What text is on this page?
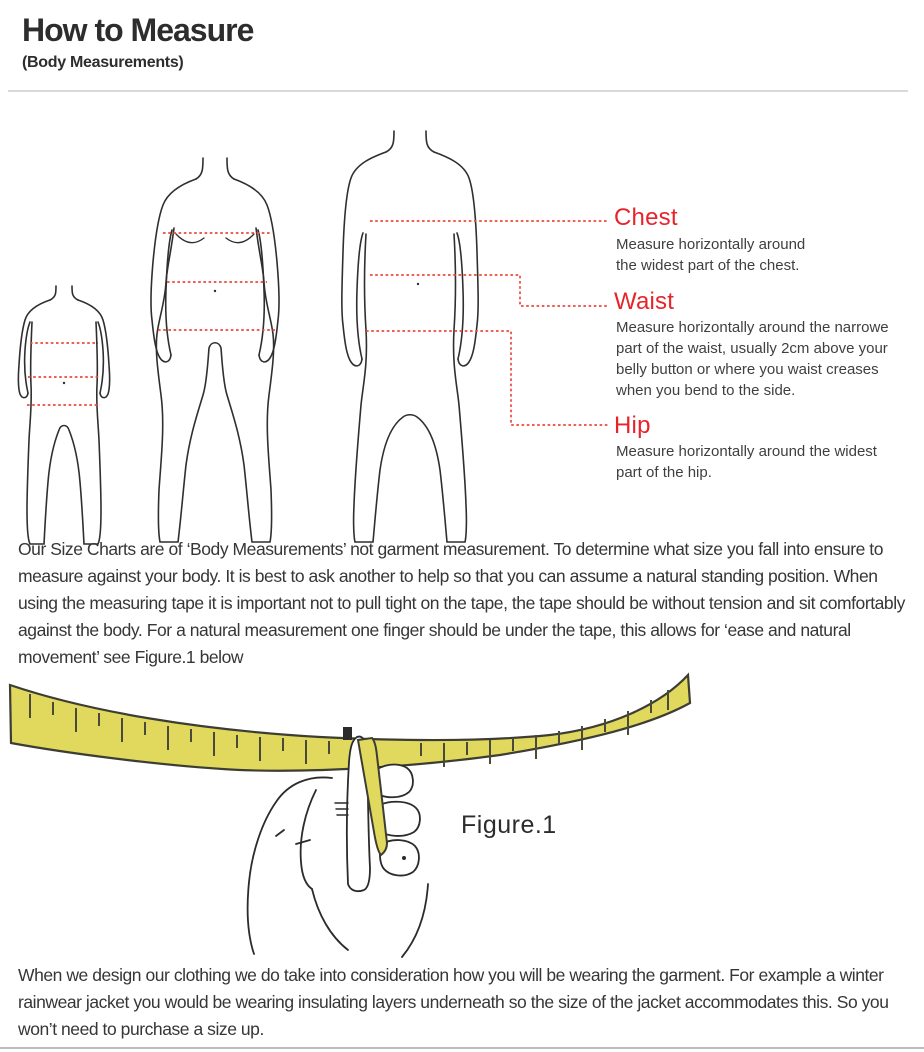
How to Measure
(Body Measurements)
Chest
Measure horizontally around
the widest part of the chest.
Waist
Measure horizontally around the narrowe
part of the waist, usually 2cm above your
belly button or where you waist creases
when you bend to the side.
Hip
Measure horizontally around the widest
part of the hip.
Our Size Charts are of ‘Body Measurements’ not garment measurement. To determine what size you fall into ensure to measure against your body. It is best to ask another to help so that you can assume a natural standing position. When using the measuring tape it is important not to pull tight on the tape, the tape should be without tension and sit comfortably against the body. For a natural measurement one finger should be under the tape, this allows for ‘ease and natural movement’ see Figure.1 below
Figure.1
When we design our clothing we do take into consideration how you will be wearing the garment. For example a winter rainwear jacket you would be wearing insulating layers underneath so the size of the jacket accommodates this. So you won’t need to purchase a size up.
